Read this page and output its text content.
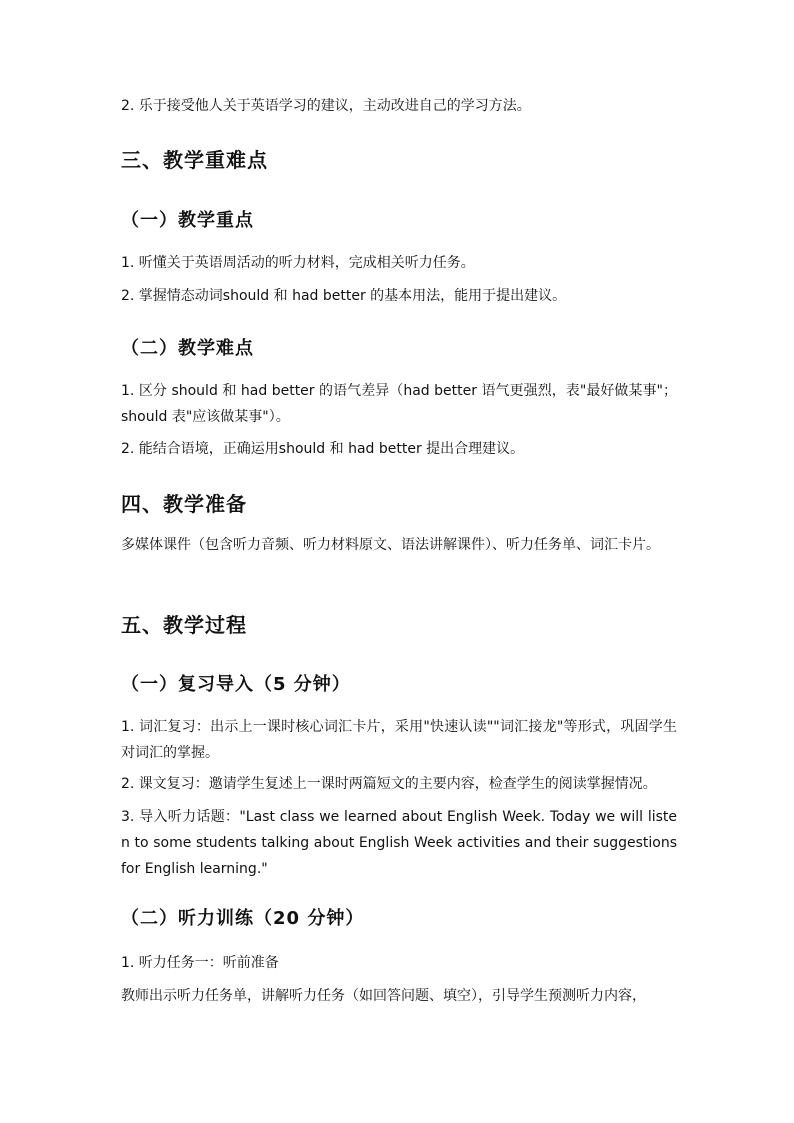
2. 乐于接受他人关于英语学习的建议，主动改进自己的学习方法。

三、教学重难点
（一）教学重点

1. 听懂关于英语周活动的听力材料，完成相关听力任务。

2. 掌握情态动词should 和 had better 的基本用法，能用于提出建议。

（二）教学难点

1. 区分 should 和 had better 的语气差异（had better 语气更强烈，表"最好做某事"；should 表"应该做某事"）。

2. 能结合语境，正确运用should 和 had better 提出合理建议。

四、教学准备

多媒体课件（包含听力音频、听力材料原文、语法讲解课件）、听力任务单、词汇卡片。

五、教学过程
（一）复习导入（5 分钟）

1. 词汇复习：出示上一课时核心词汇卡片，采用"快速认读""词汇接龙"等形式，巩固学生对词汇的掌握。

2. 课文复习：邀请学生复述上一课时两篇短文的主要内容，检查学生的阅读掌握情况。

3. 导入听力话题："Last class we learned about English Week. Today we will listen to some students talking about English Week activities and their suggestions for English learning."

（二）听力训练（20 分钟）

1. 听力任务一：听前准备

教师出示听力任务单，讲解听力任务（如回答问题、填空），引导学生预测听力内容，
